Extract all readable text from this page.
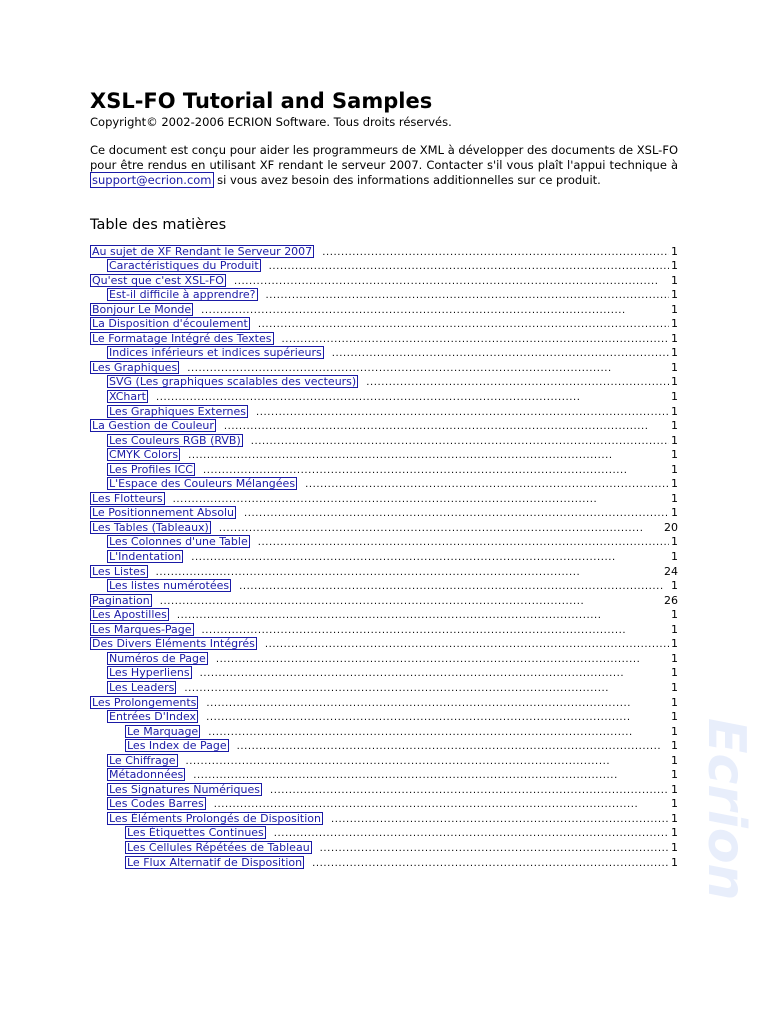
XSL-FO Tutorial and Samples
Copyright© 2002-2006 ECRION Software. Tous droits réservés.

Ce document est conçu pour aider les programmeurs de XML à développer des documents de XSL-FO pour être rendus en utilisant XF rendant le serveur 2007. Contacter s'il vous plaît l'appui technique à support@ecrion.com si vous avez besoin des informations additionnelles sur ce produit.

Table des matières
Au sujet de XF Rendant le Serveur 2007 . . .	1
Caractéristiques du Produit . . .	1
Qu'est que c'est XSL-FO . . .	1
Est-il difficile à apprendre? . . .	1
Bonjour Le Monde . . .	1
La Disposition d'écoulement . . .	1
Le Formatage Intégré des Textes . . .	1
Indices inférieurs et indices supérieurs . . .	1
Les Graphiques . . .	1
SVG (Les graphiques scalables des vecteurs) . . .	1
XChart . . .	1
Les Graphiques Externes . . .	1
La Gestion de Couleur . . .	1
Les Couleurs RGB (RVB) . . .	1
CMYK Colors . . .	1
Les Profiles ICC . . .	1
L'Espace des Couleurs Mélangées . . .	1
Les Flotteurs . . .	1
Le Positionnement Absolu . . .	1
Les Tables (Tableaux) . . .	20
Les Colonnes d'une Table . . .	1
L'Indentation . . .	1
Les Listes . . .	24
Les listes numérotées . . .	1
Pagination . . .	26
Les Apostilles . . .	1
Les Marques-Page . . .	1
Des Divers Éléments Intégrés . . .	1
Numéros de Page . . .	1
Les Hyperliens . . .	1
Les Leaders . . .	1
Les Prolongements . . .	1
Entrées D'Index . . .	1
Le Marquage . . .	1
Les Index de Page . . .	1
Le Chiffrage . . .	1
Métadonnées . . .	1
Les Signatures Numériques . . .	1
Les Codes Barres . . .	1
Les Éléments Prolongés de Disposition . . .	1
Les Étiquettes Continues . . .	1
Les Cellules Répétées de Tableau . . .	1
Le Flux Alternatif de Disposition . . .	1 Ecrion
